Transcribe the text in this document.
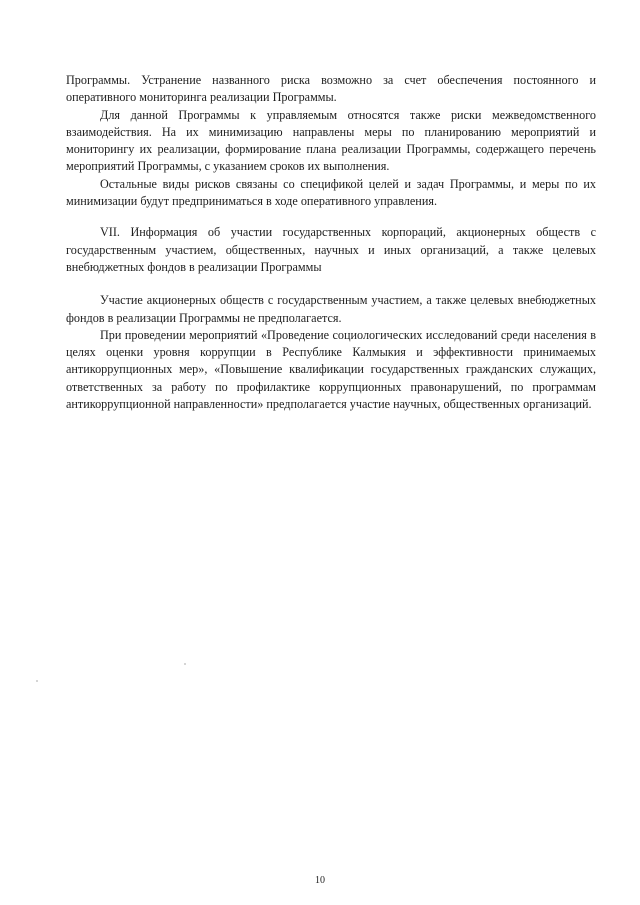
Программы. Устранение названного риска возможно за счет обеспечения постоянного и оперативного мониторинга реализации Программы.

Для данной Программы к управляемым относятся также риски межведомственного взаимодействия. На их минимизацию направлены меры по планированию мероприятий и мониторингу их реализации, формирование плана реализации Программы, содержащего перечень мероприятий Программы, с указанием сроков их выполнения.

Остальные виды рисков связаны со спецификой целей и задач Программы, и меры по их минимизации будут предприниматься в ходе оперативного управления.

VII. Информация об участии государственных корпораций, акционерных обществ с государственным участием, общественных, научных и иных организаций, а также целевых внебюджетных фондов в реализации Программы

Участие акционерных обществ с государственным участием, а также целевых внебюджетных фондов в реализации Программы не предполагается.

При проведении мероприятий «Проведение социологических исследований среди населения в целях оценки уровня коррупции в Республике Калмыкия и эффективности принимаемых антикоррупционных мер», «Повышение квалификации государственных гражданских служащих, ответственных за работу по профилактике коррупционных правонарушений, по программам антикоррупционной направленности» предполагается участие научных, общественных организаций.

10
